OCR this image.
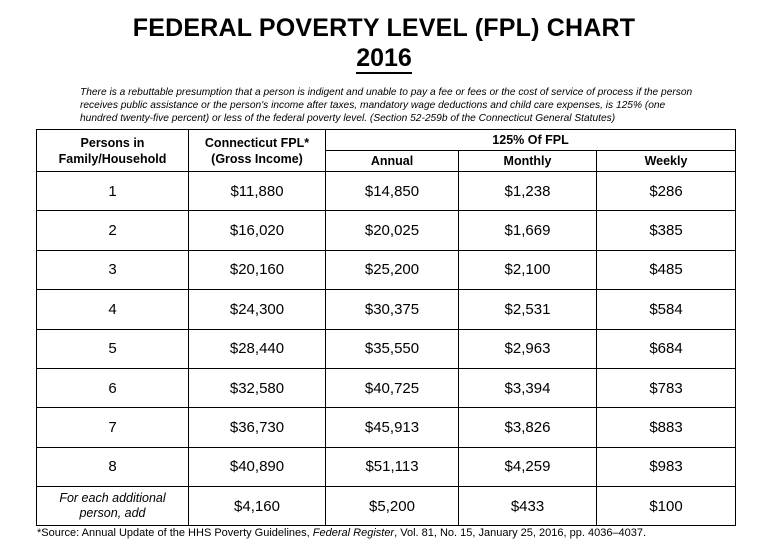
FEDERAL POVERTY LEVEL (FPL) CHART
2016
There is a rebuttable presumption that a person is indigent and unable to pay a fee or fees or the cost of service of process if the person receives public assistance or the person's income after taxes, mandatory wage deductions and child care expenses, is 125% (one hundred twenty-five percent) or less of the federal poverty level. (Section 52-259b of the Connecticut General Statutes)
Persons in Family/Household	Connecticut FPL* (Gross Income)	125% Of FPL		
		Annual	Monthly	Weekly
1	$11,880	$14,850	$1,238	$286
2	$16,020	$20,025	$1,669	$385
3	$20,160	$25,200	$2,100	$485
4	$24,300	$30,375	$2,531	$584
5	$28,440	$35,550	$2,963	$684
6	$32,580	$40,725	$3,394	$783
7	$36,730	$45,913	$3,826	$883
8	$40,890	$51,113	$4,259	$983
For each additional
person, add	$4,160	$5,200	$433	$100
*Source: Annual Update of the HHS Poverty Guidelines, Federal Register, Vol. 81, No. 15, January 25, 2016, pp. 4036–4037.
